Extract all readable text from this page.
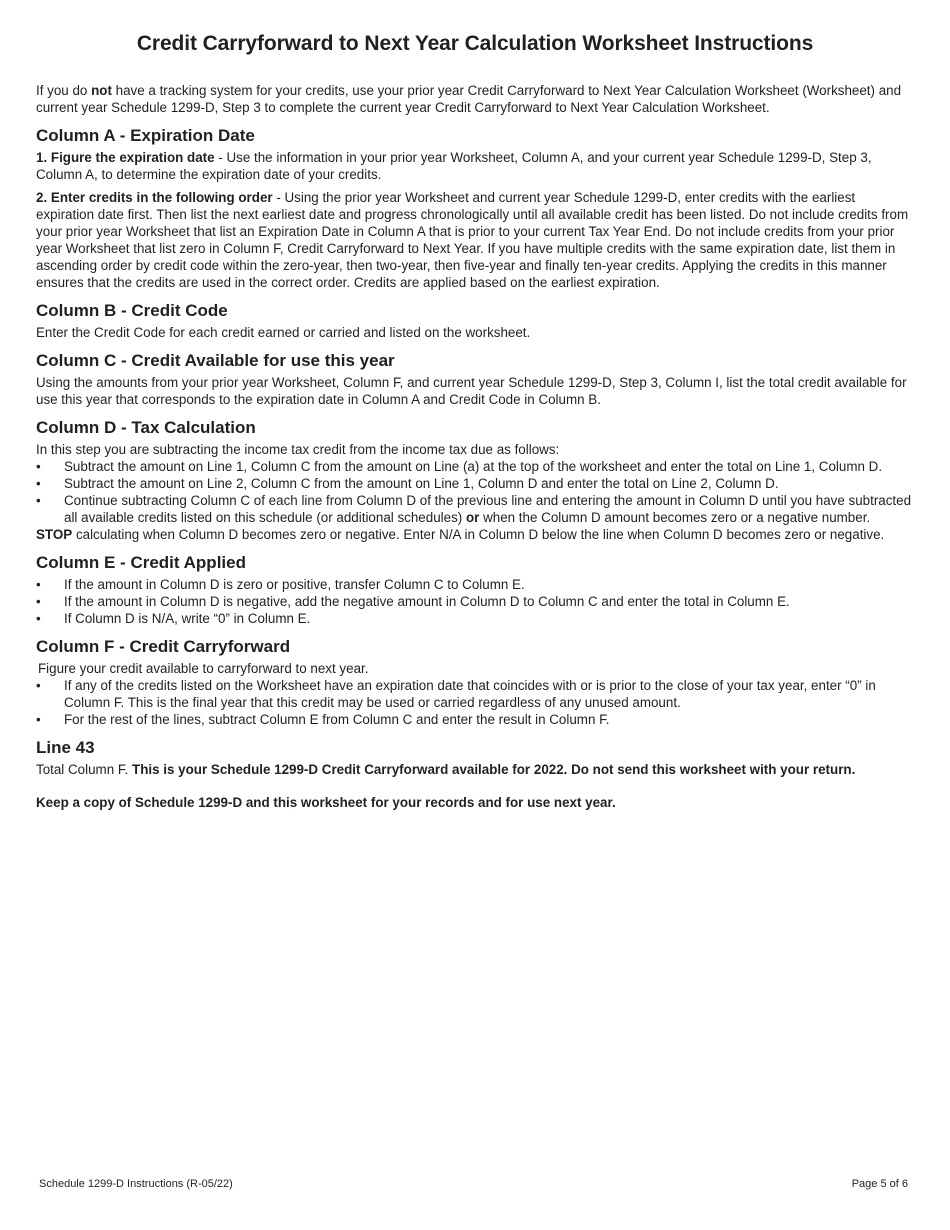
Credit Carryforward to Next Year Calculation Worksheet Instructions

If you do not have a tracking system for your credits, use your prior year Credit Carryforward to Next Year Calculation Worksheet (Worksheet) and current year Schedule 1299-D, Step 3 to complete the current year Credit Carryforward to Next Year Calculation Worksheet.

Column A - Expiration Date

1. Figure the expiration date - Use the information in your prior year Worksheet, Column A, and your current year Schedule 1299-D, Step 3, Column A, to determine the expiration date of your credits.

2. Enter credits in the following order - Using the prior year Worksheet and current year Schedule 1299-D, enter credits with the earliest expiration date first. Then list the next earliest date and progress chronologically until all available credit has been listed. Do not include credits from your prior year Worksheet that list an Expiration Date in Column A that is prior to your current Tax Year End. Do not include credits from your prior year Worksheet that list zero in Column F, Credit Carryforward to Next Year. If you have multiple credits with the same expiration date, list them in ascending order by credit code within the zero-year, then two-year, then five-year and finally ten-year credits. Applying the credits in this manner ensures that the credits are used in the correct order. Credits are applied based on the earliest expiration.

Column B - Credit Code

Enter the Credit Code for each credit earned or carried and listed on the worksheet.

Column C - Credit Available for use this year

Using the amounts from your prior year Worksheet, Column F, and current year Schedule 1299-D, Step 3, Column I, list the total credit available for use this year that corresponds to the expiration date in Column A and Credit Code in Column B.

Column D - Tax Calculation

In this step you are subtracting the income tax credit from the income tax due as follows:

• Subtract the amount on Line 1, Column C from the amount on Line (a) at the top of the worksheet and enter the total on Line 1, Column D.
• Subtract the amount on Line 2, Column C from the amount on Line 1, Column D and enter the total on Line 2, Column D.
• Continue subtracting Column C of each line from Column D of the previous line and entering the amount in Column D until you have subtracted all available credits listed on this schedule (or additional schedules) or when the Column D amount becomes zero or a negative number.

STOP calculating when Column D becomes zero or negative. Enter N/A in Column D below the line when Column D becomes zero or negative.

Column E - Credit Applied
• If the amount in Column D is zero or positive, transfer Column C to Column E.
• If the amount in Column D is negative, add the negative amount in Column D to Column C and enter the total in Column E.
• If Column D is N/A, write “0” in Column E.
Column F - Credit Carryforward

Figure your credit available to carryforward to next year.

• If any of the credits listed on the Worksheet have an expiration date that coincides with or is prior to the close of your tax year, enter “0” in Column F. This is the final year that this credit may be used or carried regardless of any unused amount.
• For the rest of the lines, subtract Column E from Column C and enter the result in Column F.
Line 43

Total Column F. This is your Schedule 1299-D Credit Carryforward available for 2022. Do not send this worksheet with your return.

Keep a copy of Schedule 1299-D and this worksheet for your records and for use next year.

Schedule 1299-D Instructions (R-05/22)	Page 5 of 6
